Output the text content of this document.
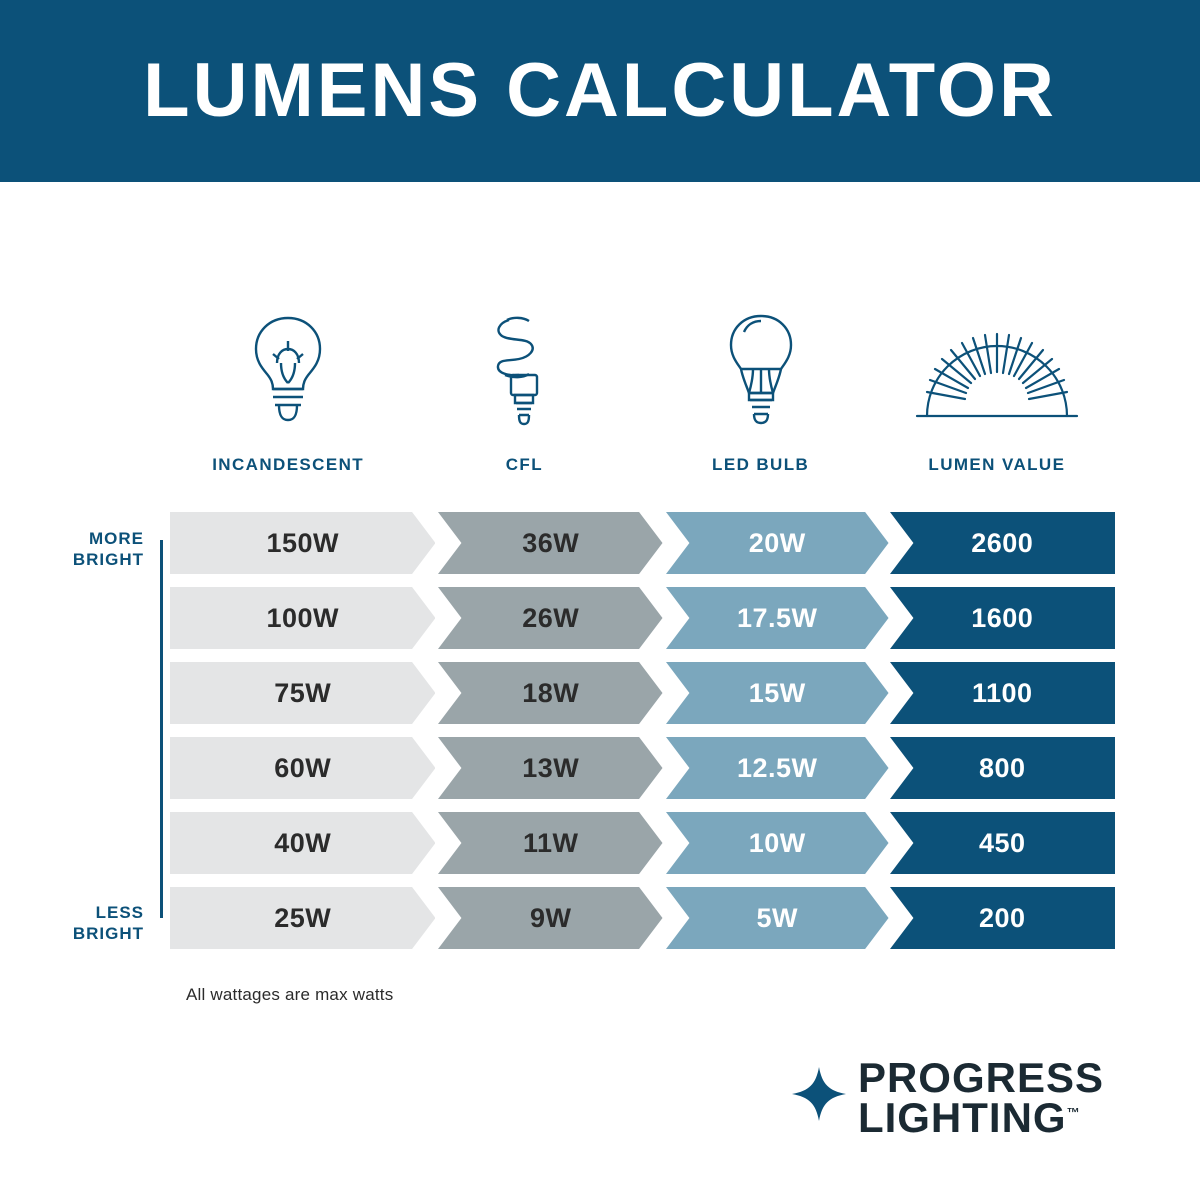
LUMENS CALCULATOR
INCANDESCENT	CFL	LED BULB	LUMEN VALUE
MORE
BRIGHT
LESS
BRIGHT
150W	36W	20W	2600
100W	26W	17.5W	1600
75W	18W	15W	1100
60W	13W	12.5W	800
40W	11W	10W	450
25W	9W	5W	200
All wattages are max watts
PROGRESS
LIGHTING™
